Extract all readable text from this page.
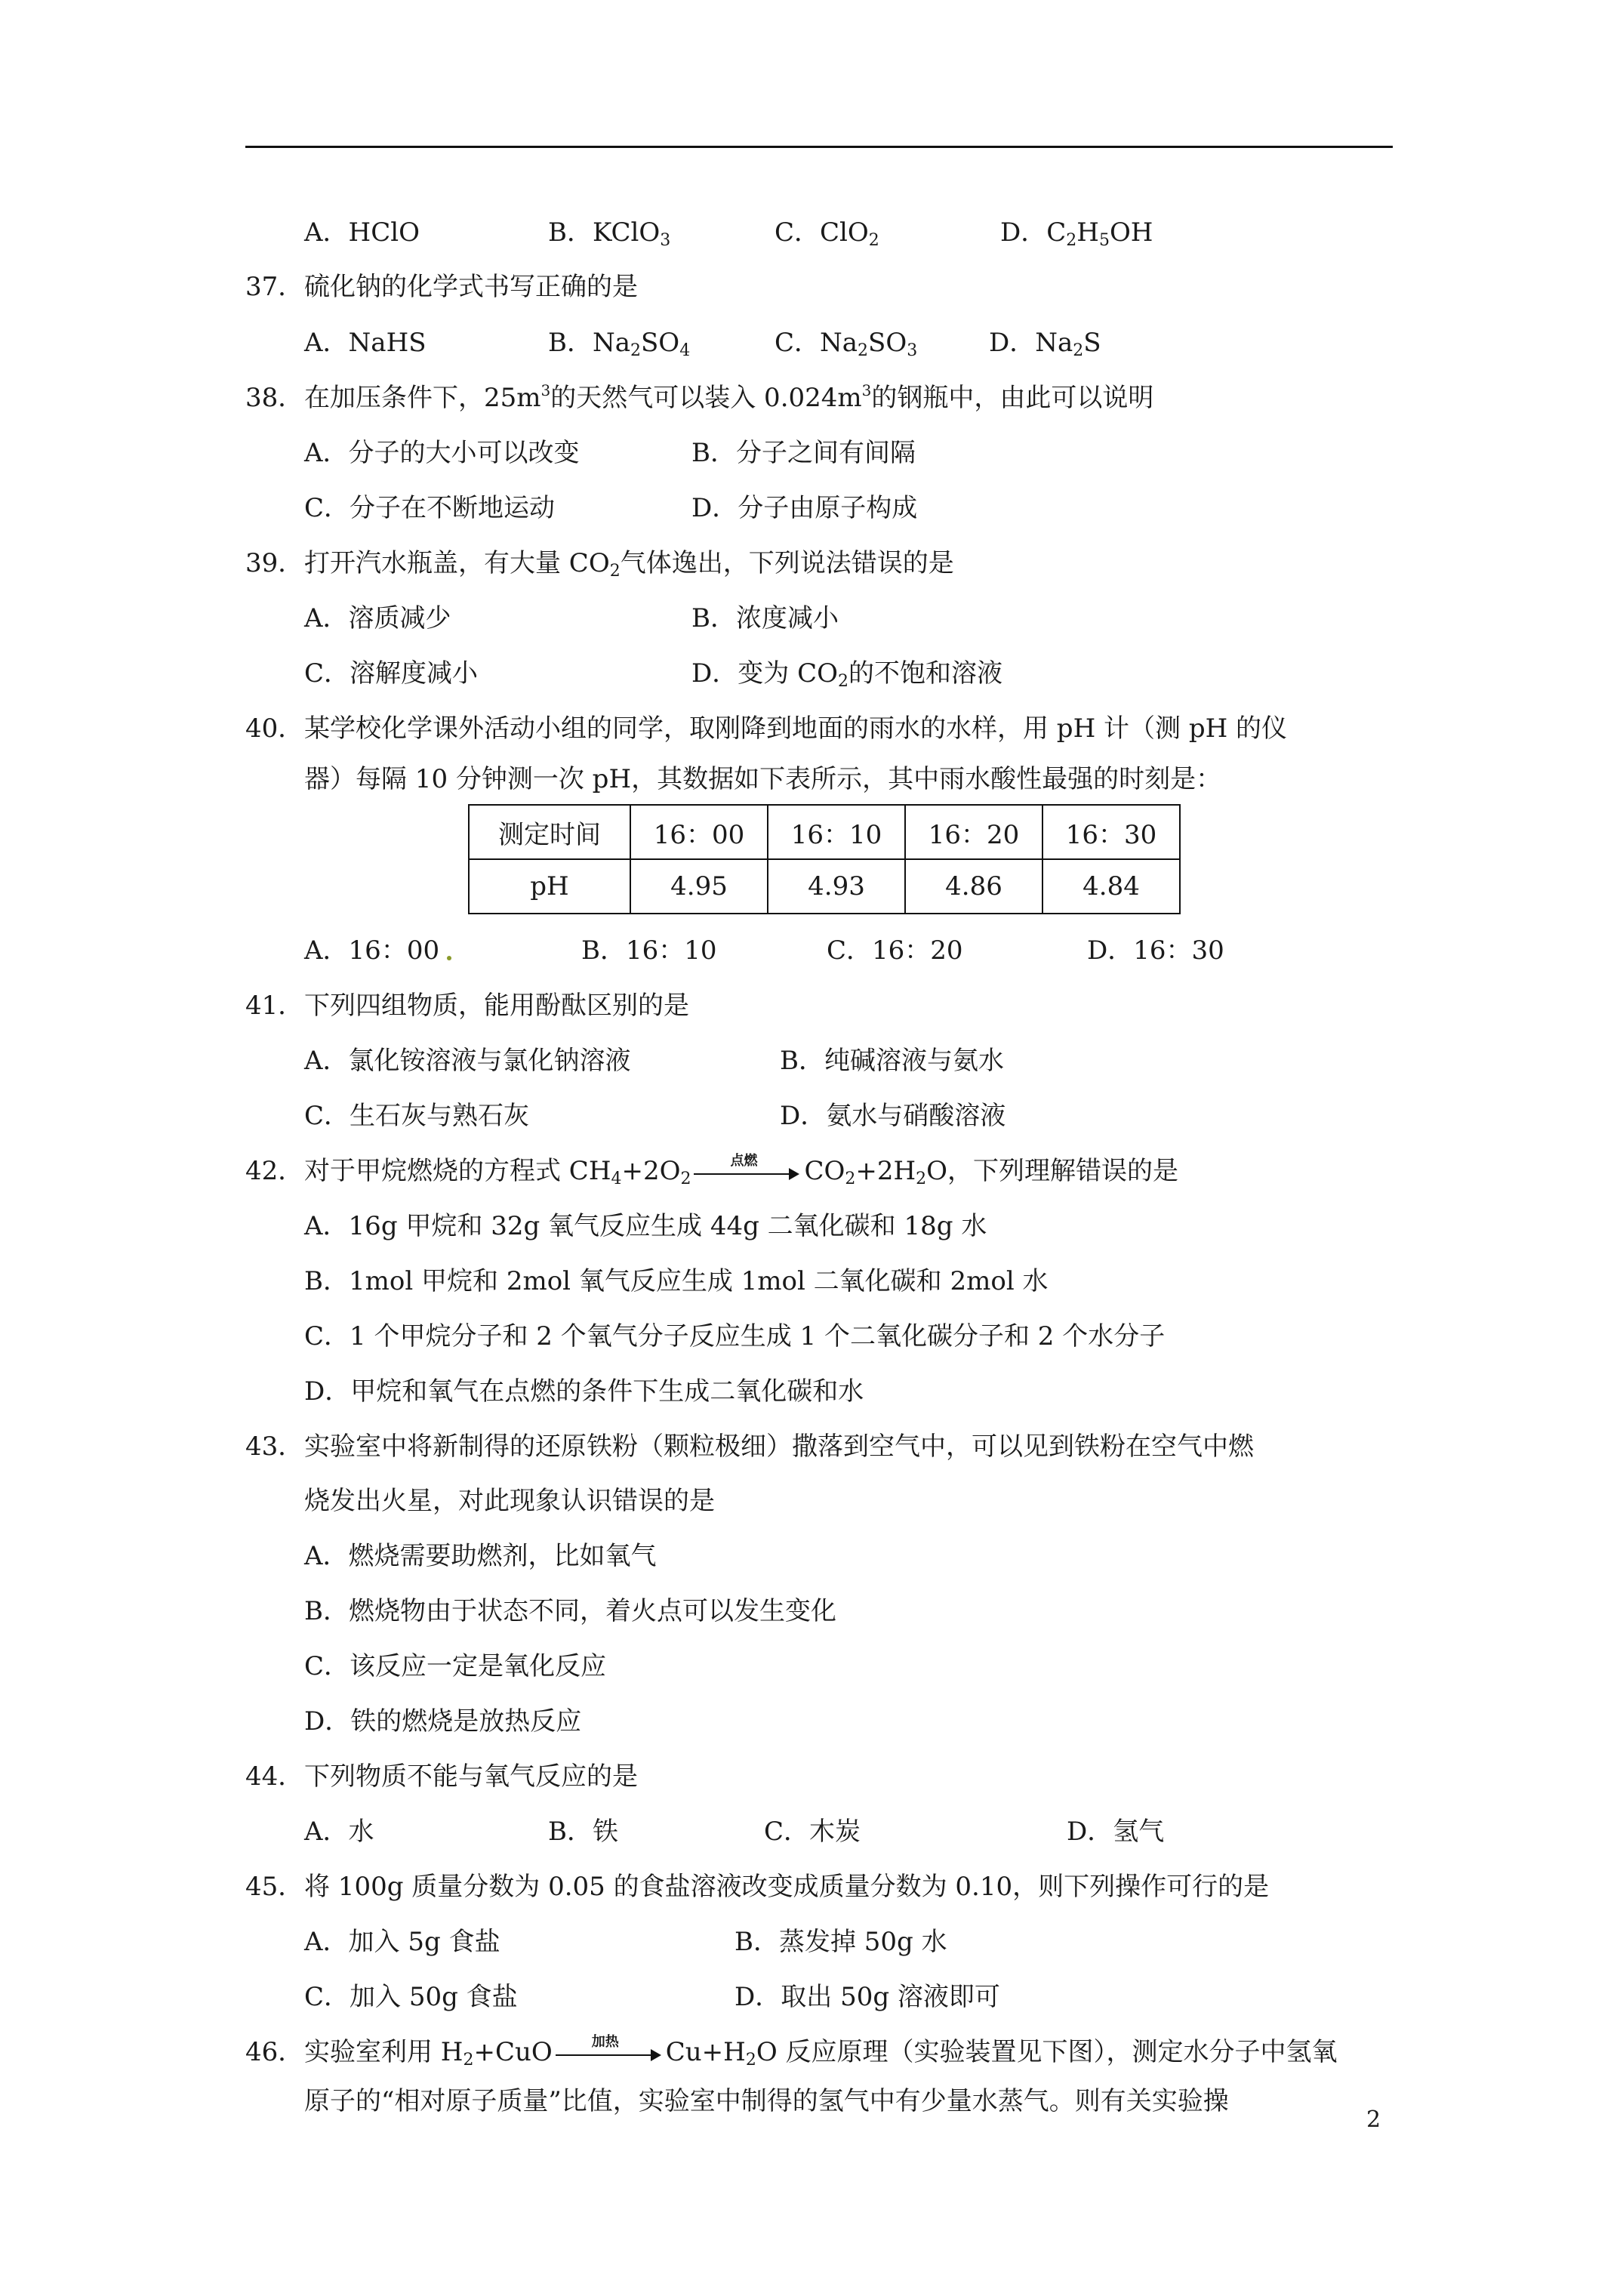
A．HClO	B．KClO$_3$	C．ClO$_2$	D．$C_2H_5OH$
37． 硫化钠的化学式书写正确的是
A．NaHS	B．$Na_2SO_4$	C．$Na_2SO_3$	D．$Na_2S$
38． 在加压条件下，$25m^3$的天然气可以装入 $0.024m^3$的钢瓶中，由此可以说明
A．分子的大小可以改变	B．分子之间有间隔
C．分子在不断地运动	D．分子由原子构成
39． 打开汽水瓶盖，有大量 $CO_2$气体逸出，下列说法错误的是
A．溶质减少	B．浓度减小
C．溶解度减小	D．变为 $CO_2$的不饱和溶液
40． 某学校化学课外活动小组的同学，取刚降到地面的雨水的水样，用 pH 计（测 pH 的仪
器）每隔 10 分钟测一次 pH，其数据如下表所示，其中雨水酸性最强的时刻是：
测定时间	16：00	16：10	16：20	16：30
pH	4.95	4.93	4.86	4.84
A．16：00	B．16：10	C．16：20	D．16：30
41． 下列四组物质，能用酚酞区别的是
A．氯化铵溶液与氯化钠溶液	B．纯碱溶液与氨水
C．生石灰与熟石灰	D．氨水与硝酸溶液
42． 对于甲烷燃烧的方程式 $CH_4+2O_2$
点燃	$CO_2+2H_2O$，下列理解错误的是
A．16g 甲烷和 32g 氧气反应生成 44g 二氧化碳和 18g 水
B．1mol 甲烷和 2mol 氧气反应生成 1mol 二氧化碳和 2mol 水
C．1 个甲烷分子和 2 个氧气分子反应生成 1 个二氧化碳分子和 2 个水分子
D．甲烷和氧气在点燃的条件下生成二氧化碳和水
43． 实验室中将新制得的还原铁粉（颗粒极细）撒落到空气中，可以见到铁粉在空气中燃
烧发出火星，对此现象认识错误的是
A．燃烧需要助燃剂，比如氧气
B．燃烧物由于状态不同，着火点可以发生变化
C．该反应一定是氧化反应
D．铁的燃烧是放热反应
44． 下列物质不能与氧气反应的是
A．水	B．铁	C．木炭	D．氢气
45． 将 100g 质量分数为 0.05 的食盐溶液改变成质量分数为 0.10，则下列操作可行的是
A．加入 5g 食盐	B．蒸发掉 50g 水
C．加入 50g 食盐	D．取出 50g 溶液即可
46． 实验室利用 $H_2+CuO$	加热	$Cu+H_2O$ 反应原理（实验装置见下图），测定水分子中氢氧
原子的“相对原子质量”比值，实验室中制得的氢气中有少量水蒸气。则有关实验操
2
